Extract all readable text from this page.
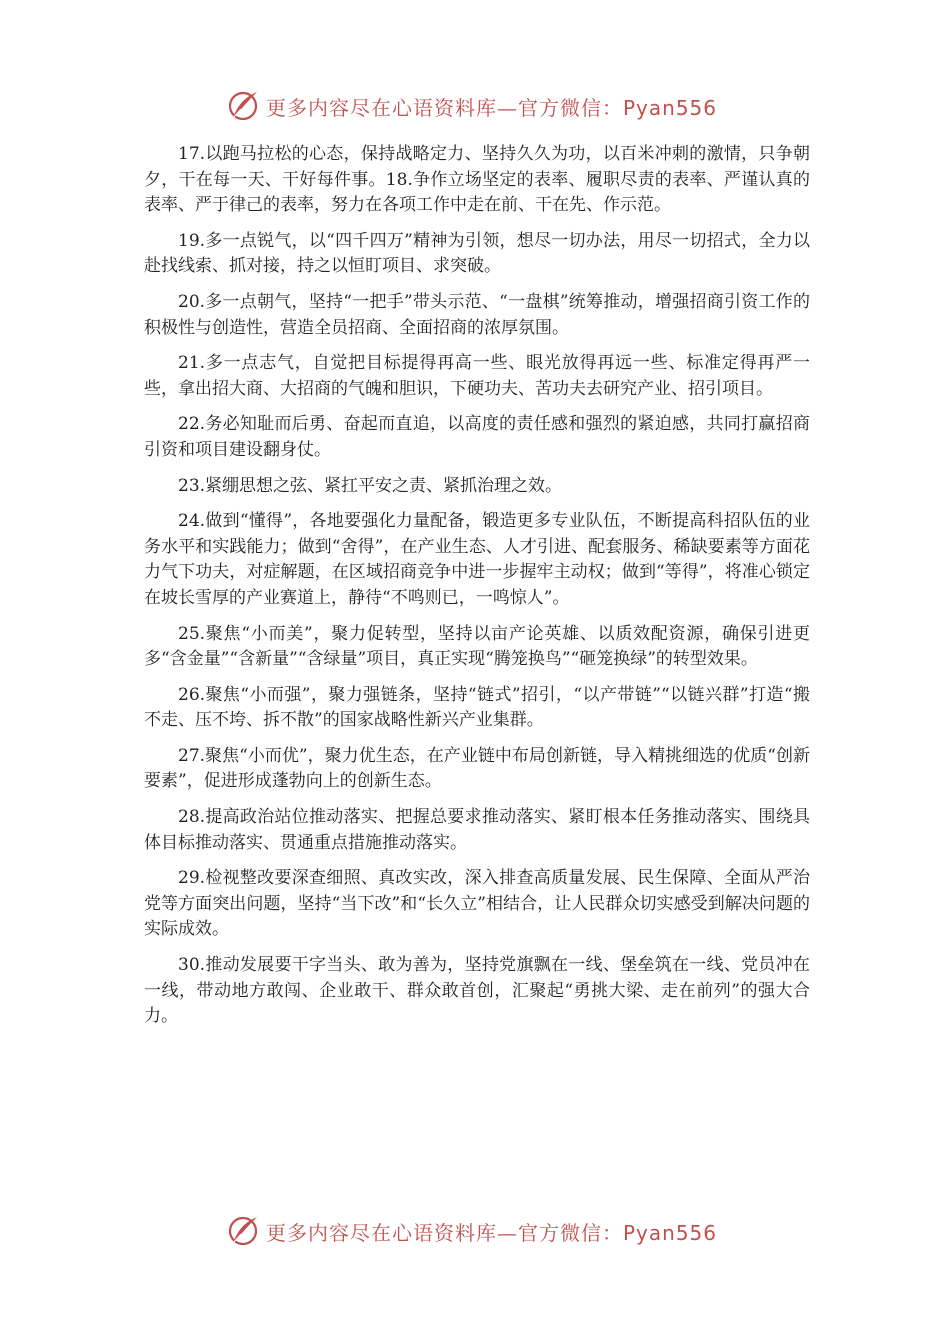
更多内容尽在心语资料库—官方微信：Pyan556

17.以跑马拉松的心态，保持战略定力、坚持久久为功，以百米冲刺的激情，只争朝夕，干在每一天、干好每件事。18.争作立场坚定的表率、履职尽责的表率、严谨认真的表率、严于律己的表率，努力在各项工作中走在前、干在先、作示范。

19.多一点锐气，以“四千四万”精神为引领，想尽一切办法，用尽一切招式，全力以赴找线索、抓对接，持之以恒盯项目、求突破。

20.多一点朝气，坚持“一把手”带头示范、“一盘棋”统筹推动，增强招商引资工作的积极性与创造性，营造全员招商、全面招商的浓厚氛围。

21.多一点志气，自觉把目标提得再高一些、眼光放得再远一些、标准定得再严一些，拿出招大商、大招商的气魄和胆识，下硬功夫、苦功夫去研究产业、招引项目。

22.务必知耻而后勇、奋起而直追，以高度的责任感和强烈的紧迫感，共同打赢招商引资和项目建设翻身仗。

23.紧绷思想之弦、紧扛平安之责、紧抓治理之效。

24.做到“懂得”，各地要强化力量配备，锻造更多专业队伍，不断提高科招队伍的业务水平和实践能力；做到“舍得”，在产业生态、人才引进、配套服务、稀缺要素等方面花力气下功夫，对症解题，在区域招商竞争中进一步握牢主动权；做到“等得”，将准心锁定在坡长雪厚的产业赛道上，静待“不鸣则已，一鸣惊人”。

25.聚焦“小而美”，聚力促转型，坚持以亩产论英雄、以质效配资源，确保引进更多“含金量”“含新量”“含绿量”项目，真正实现“腾笼换鸟”“砸笼换绿”的转型效果。

26.聚焦“小而强”，聚力强链条，坚持“链式”招引，“以产带链”“以链兴群”打造“搬不走、压不垮、拆不散”的国家战略性新兴产业集群。

27.聚焦“小而优”，聚力优生态，在产业链中布局创新链，导入精挑细选的优质“创新要素”，促进形成蓬勃向上的创新生态。

28.提高政治站位推动落实、把握总要求推动落实、紧盯根本任务推动落实、围绕具体目标推动落实、贯通重点措施推动落实。

29.检视整改要深查细照、真改实改，深入排查高质量发展、民生保障、全面从严治党等方面突出问题，坚持“当下改”和“长久立”相结合，让人民群众切实感受到解决问题的实际成效。

30.推动发展要干字当头、敢为善为，坚持党旗飘在一线、堡垒筑在一线、党员冲在一线，带动地方敢闯、企业敢干、群众敢首创，汇聚起“勇挑大梁、走在前列”的强大合力。

更多内容尽在心语资料库—官方微信：Pyan556
